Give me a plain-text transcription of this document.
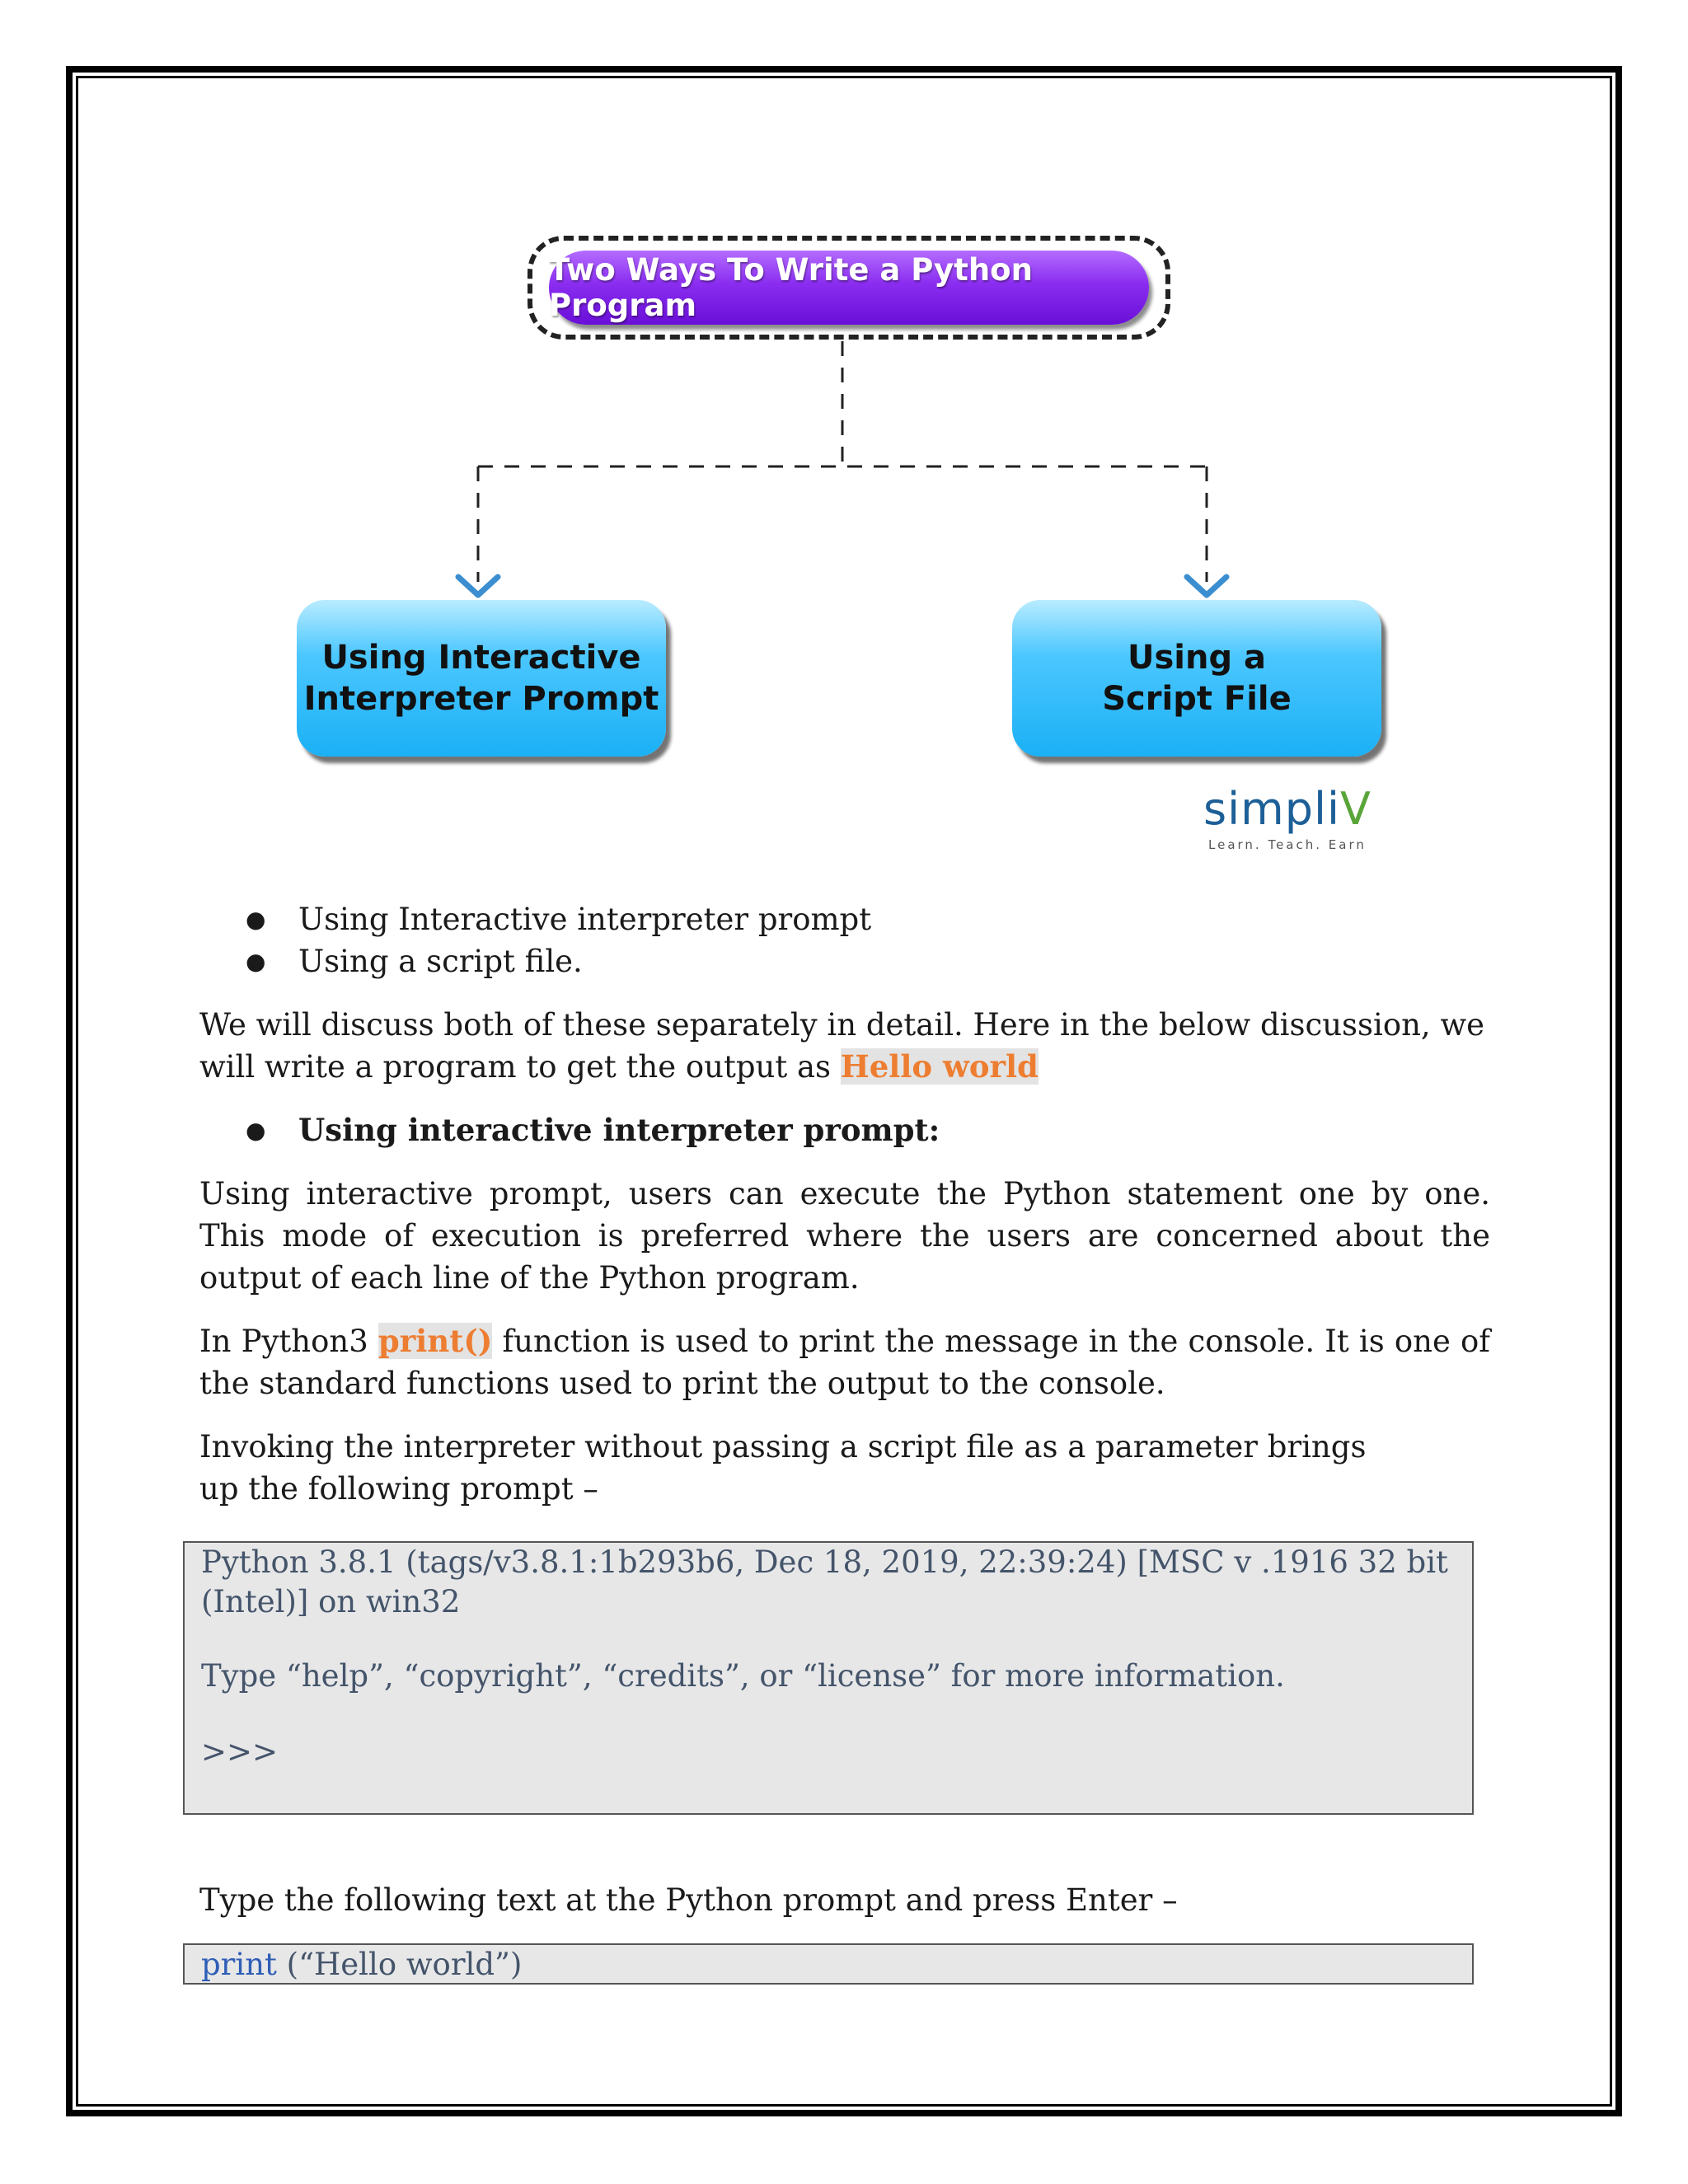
Two Ways To Write a Python Program
Using Interactive
Interpreter Prompt
Using a
Script File
simpliV
Learn. Teach. Earn
● Using Interactive interpreter prompt
● Using a script file.

We will discuss both of these separately in detail. Here in the below discussion, we will write a program to get the output as Hello world

● Using interactive interpreter prompt:

Using interactive prompt, users can execute the Python statement one by one. This mode of execution is preferred where the users are concerned about the output of each line of the Python program.

In Python3 print() function is used to print the message in the console. It is one of the standard functions used to print the output to the console.

Invoking the interpreter without passing a script file as a parameter brings up the following prompt –

Python 3.8.1 (tags/v3.8.1:1b293b6, Dec 18, 2019, 22:39:24) [MSC v .1916 32 bit (Intel)] on win32
Type “help”, “copyright”, “credits”, or “license” for more information.
>>>

Type the following text at the Python prompt and press Enter –

print (“Hello world”)
